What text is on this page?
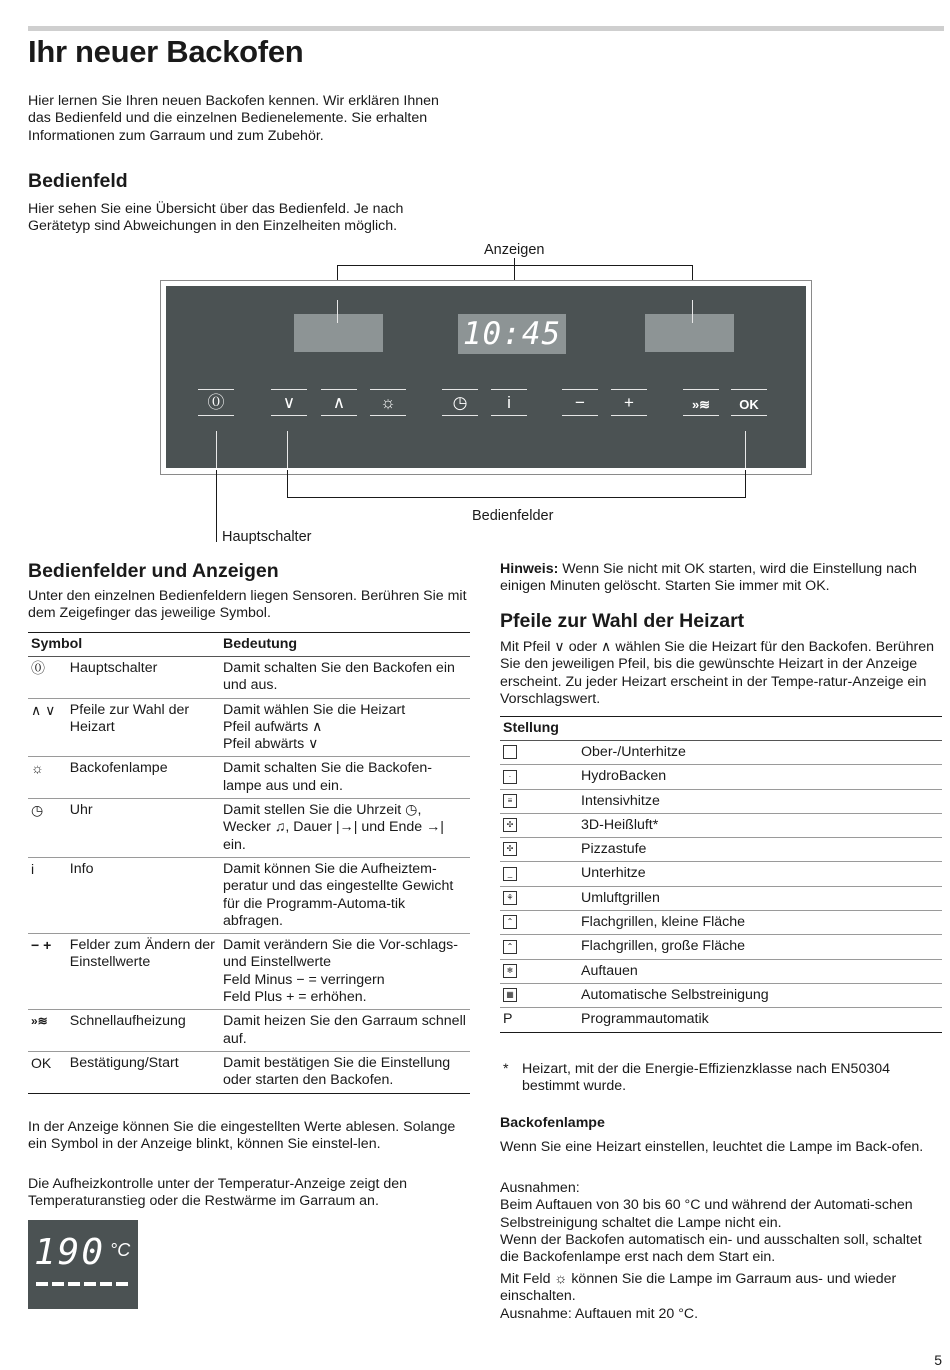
Ihr neuer Backofen

Hier lernen Sie Ihren neuen Backofen kennen. Wir erklären Ihnen das Bedienfeld und die einzelnen Bedienelemente. Sie erhalten Informationen zum Garraum und zum Zubehör.

Bedienfeld

Hier sehen Sie eine Übersicht über das Bedienfeld. Je nach Gerätetyp sind Abweichungen in den Einzelheiten möglich.

Anzeigen
10:45
⓪	∨	∧	☼	◷	i	−	+	»≋	OK
Bedienfelder
Hauptschalter
Bedienfelder und Anzeigen

Unter den einzelnen Bedienfeldern liegen Sensoren. Berühren Sie mit dem Zeigefinger das jeweilige Symbol.

Symbol		Bedeutung
⓪	Hauptschalter	Damit schalten Sie den Backofen ein und aus.
∧ ∨	Pfeile zur Wahl der Heizart	Damit wählen Sie die Heizart
Pfeil aufwärts ∧
Pfeil abwärts ∨
☼	Backofenlampe	Damit schalten Sie die Backofen-lampe aus und ein.
◷	Uhr	Damit stellen Sie die Uhrzeit ◷, Wecker ♫, Dauer |→| und Ende →| ein.
i	Info	Damit können Sie die Aufheiztem-peratur und das eingestellte Gewicht für die Programm-Automa-tik abfragen.
− +	Felder zum Ändern der Einstellwerte	Damit verändern Sie die Vor-schlags- und Einstellwerte
Feld Minus − = verringern
Feld Plus + = erhöhen.
»≋	Schnellaufheizung	Damit heizen Sie den Garraum schnell auf.
OK	Bestätigung/Start	Damit bestätigen Sie die Einstellung oder starten den Backofen.

In der Anzeige können Sie die eingestellten Werte ablesen. Solange ein Symbol in der Anzeige blinkt, können Sie einstel-len.

Die Aufheizkontrolle unter der Temperatur-Anzeige zeigt den Temperaturanstieg oder die Restwärme im Garraum an.

190 °C

Hinweis: Wenn Sie nicht mit OK starten, wird die Einstellung nach einigen Minuten gelöscht. Starten Sie immer mit OK.

Pfeile zur Wahl der Heizart

Mit Pfeil ∨ oder ∧ wählen Sie die Heizart für den Backofen. Berühren Sie den jeweiligen Pfeil, bis die gewünschte Heizart in der Anzeige erscheint. Zu jeder Heizart erscheint in der Tempe-ratur-Anzeige ein Vorschlagswert.

Stellung	
	Ober-/Unterhitze
·	HydroBacken
≡	Intensivhitze
✣	3D-Heißluft*
✣	Pizzastufe
_	Unterhitze
⚘	Umluftgrillen
⌃	Flachgrillen, kleine Fläche
⌃	Flachgrillen, große Fläche
❄	Auftauen
▦	Automatische Selbstreinigung
P	Programmautomatik
* Heizart, mit der die Energie-Effizienzklasse nach EN50304 bestimmt wurde.
Backofenlampe

Wenn Sie eine Heizart einstellen, leuchtet die Lampe im Back-ofen.

Ausnahmen:
Beim Auftauen von 30 bis 60 °C und während der Automati-schen Selbstreinigung schaltet die Lampe nicht ein.
Wenn der Backofen automatisch ein- und ausschalten soll, schaltet die Backofenlampe erst nach dem Start ein.

Mit Feld ☼ können Sie die Lampe im Garraum aus- und wieder einschalten.
Ausnahme: Auftauen mit 20 °C.

5
